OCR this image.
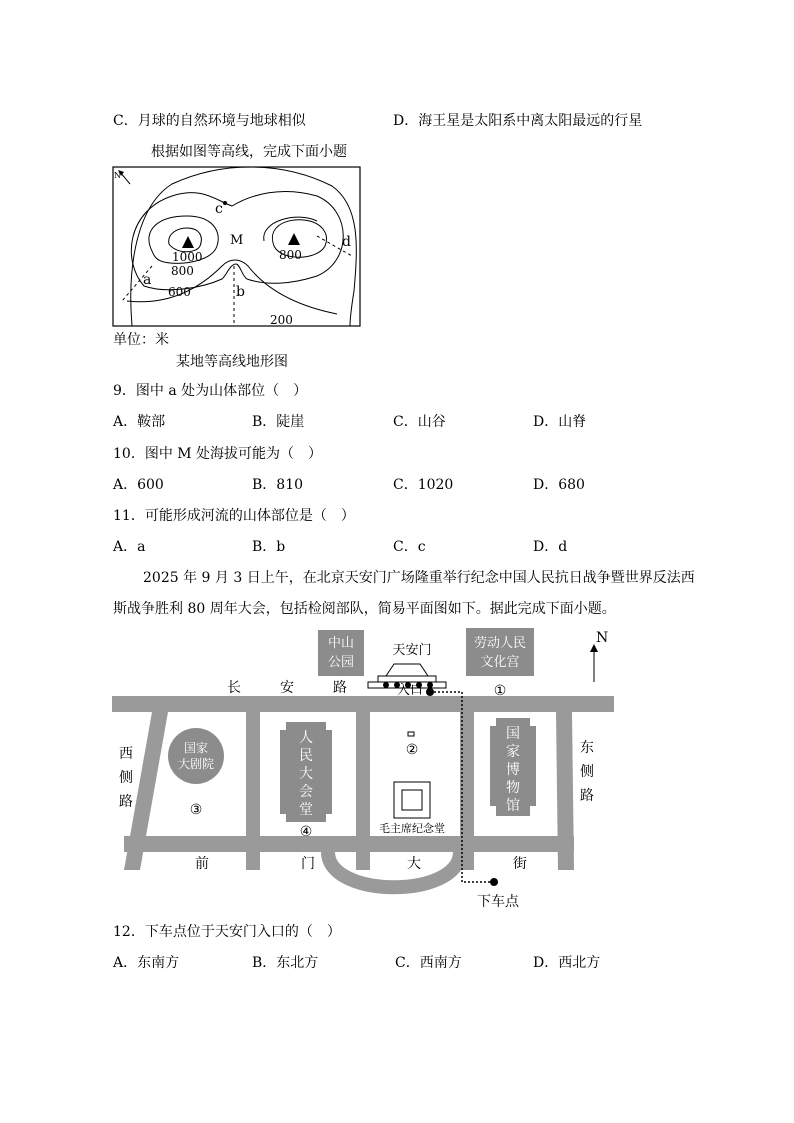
C．月球的自然环境与地球相似	D．海王星是太阳系中离太阳最远的行星
根据如图等高线，完成下面小题
N
c
M	d
a
b
1000
800
800
600
200
单位：米
某地等高线地形图
9．图中 a 处为山体部位（　）
A．鞍部	B．陡崖	C．山谷	D．山脊
10．图中 M 处海拔可能为（　）
A．600	B．810	C．1020	D．680
11．可能形成河流的山体部位是（　）
A．a	B．b	C．c	D．d
2025 年 9 月 3 日上午，在北京天安门广场隆重举行纪念中国人民抗日战争暨世界反法西
斯战争胜利 80 周年大会，包括检阅部队，简易平面图如下。据此完成下面小题。
中山
公园
劳动人民
文化宫
天安门
入口	①
长	安	路
N
西
侧
路
东
侧
路
国家
大剧院
③
人
民
大
会
堂
④
②
毛主席纪念堂
国
家
博
物
馆
前	门	大	街
下车点
12．下车点位于天安门入口的（　）
A．东南方	B．东北方	C．西南方	D．西北方
